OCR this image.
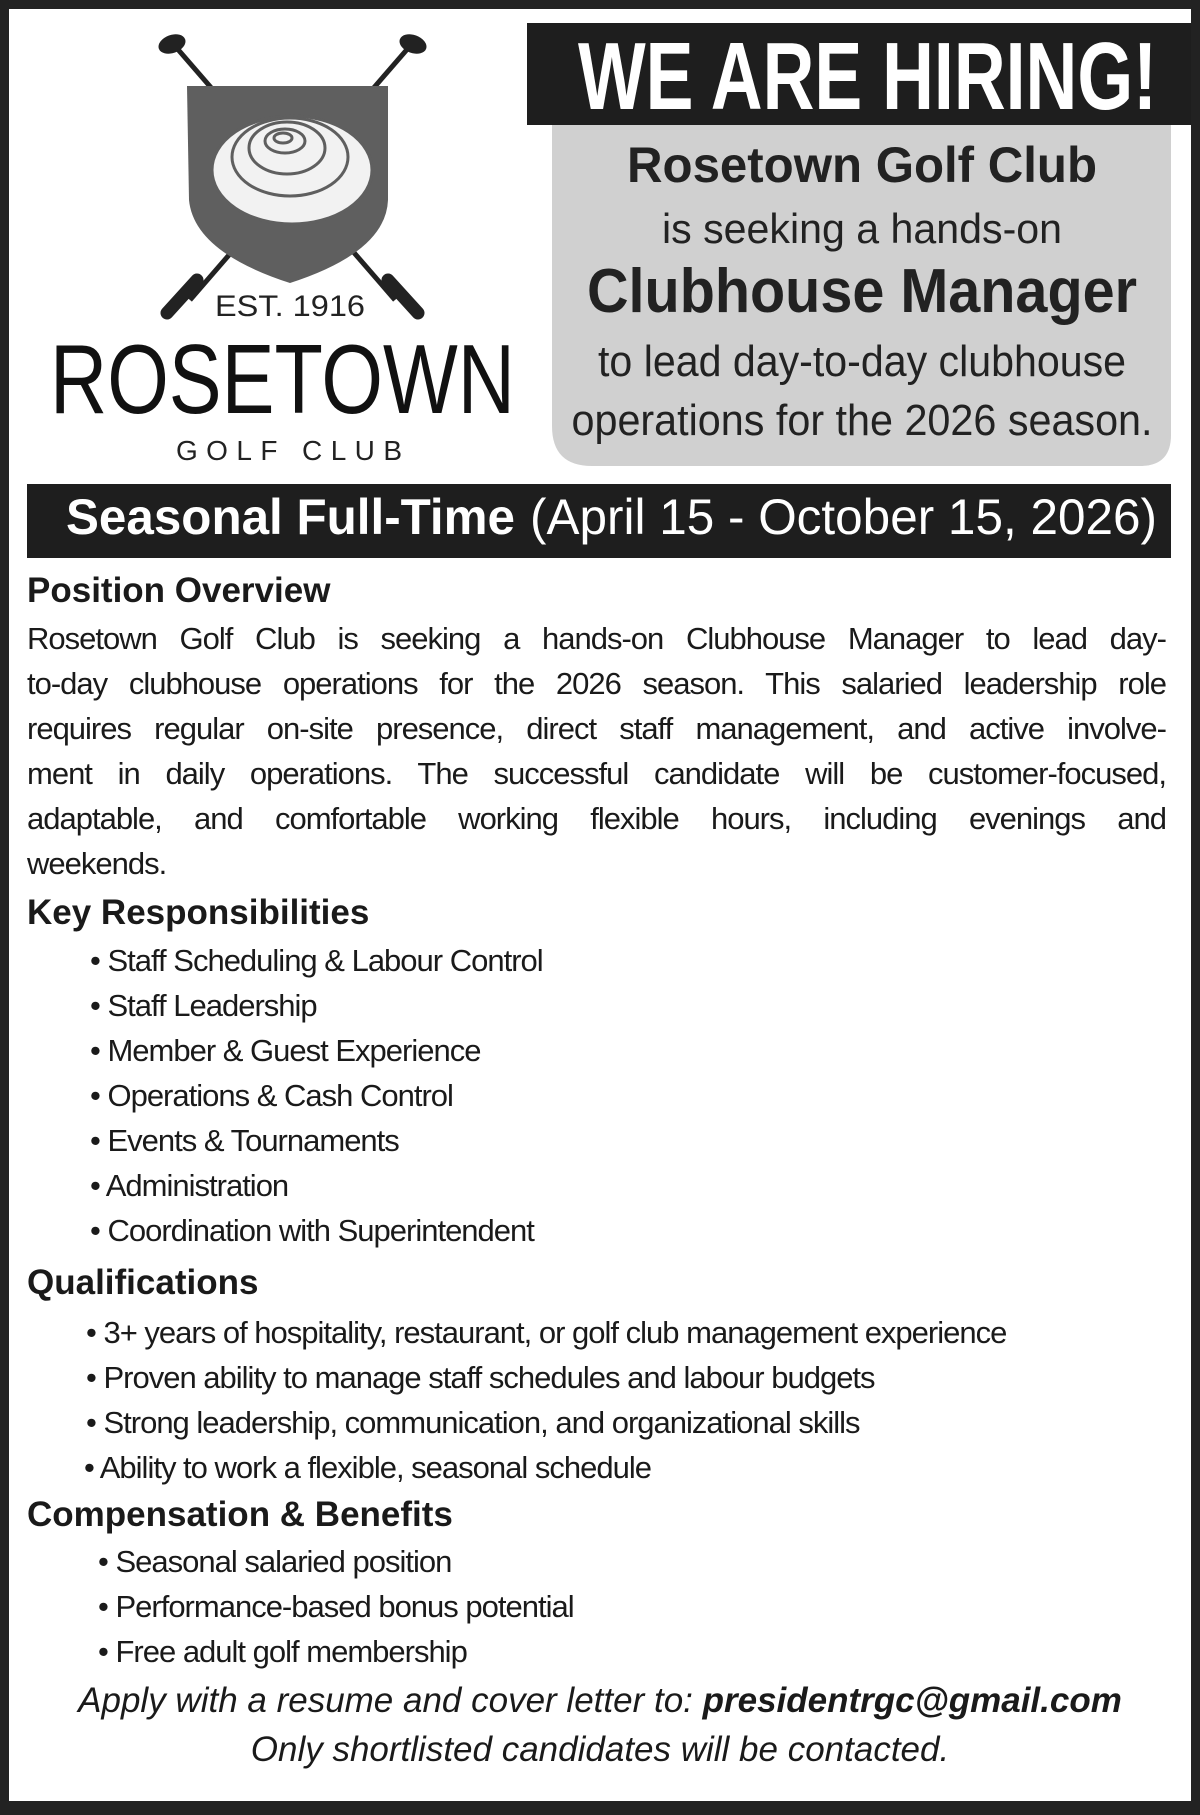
EST. 1916
ROSETOWN
GOLF CLUB
WE ARE HIRING!
Rosetown Golf Club
is seeking a hands-on
Clubhouse Manager
to lead day-to-day clubhouse
operations for the 2026 season.
Seasonal Full-Time (April 15 - October 15, 2026)
Position Overview
Rosetown Golf Club is seeking a hands-on Clubhouse Manager to lead day-
to-day clubhouse operations for the 2026 season. This salaried leadership role
requires regular on-site presence, direct staff management, and active involve-
ment in daily operations. The successful candidate will be customer-focused,
adaptable, and comfortable working flexible hours, including evenings and
weekends.
Key Responsibilities
• Staff Scheduling & Labour Control
• Staff Leadership
• Member & Guest Experience
• Operations & Cash Control
• Events & Tournaments
• Administration
• Coordination with Superintendent
Qualifications
• 3+ years of hospitality, restaurant, or golf club management experience
• Proven ability to manage staff schedules and labour budgets
• Strong leadership, communication, and organizational skills
• Ability to work a flexible, seasonal schedule
Compensation & Benefits
• Seasonal salaried position
• Performance-based bonus potential
• Free adult golf membership
Apply with a resume and cover letter to: presidentrgc@gmail.com
Only shortlisted candidates will be contacted.
